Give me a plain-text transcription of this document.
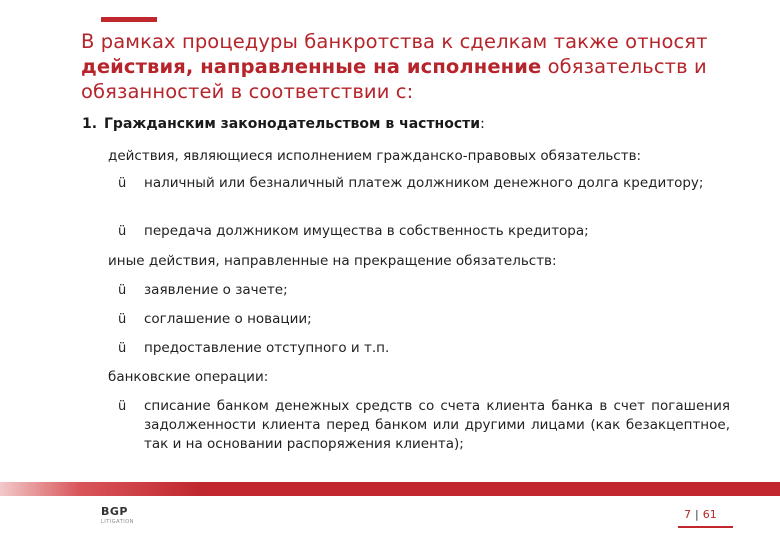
В рамках процедуры банкротства к сделкам также относят
действия, направленные на исполнение обязательств и
обязанностей в соответствии с:
1. Гражданским законодательством в частности:
действия, являющиеся исполнением гражданско-правовых обязательств:
ü	наличный или безналичный платеж должником денежного долга кредитору;
ü	передача должником имущества в собственность кредитора;
иные действия, направленные на прекращение обязательств:
ü	заявление о зачете;
ü	соглашение о новации;
ü	предоставление отступного и т.п.
банковские операции:
ü	списание банком денежных средств со счета клиента банка в счет погашения задолженности клиента перед банком или другими лицами (как безакцептное, так и на основании распоряжения клиента);
BGP
LITIGATION
7 | 61
